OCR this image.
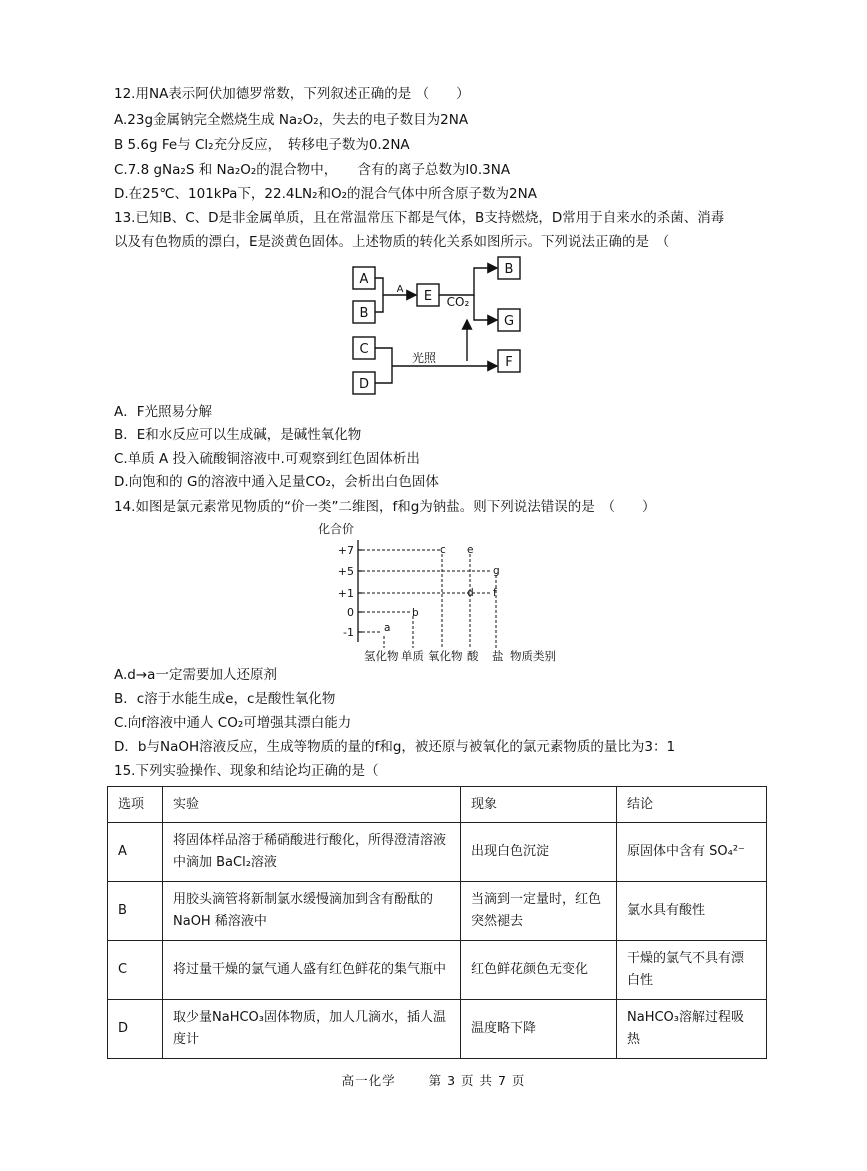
12.用NA表示阿伏加德罗常数，下列叙述正确的是 （　　）
A.23g金属钠完全燃烧生成 Na₂O₂，失去的电子数目为2NA
B 5.6g Fe与 Cl₂充分反应，　转移电子数为0.2NA
C.7.8 gNa₂S 和 Na₂O₂的混合物中，　　含有的离子总数为l0.3NA
D.在25℃、101kPa下，22.4LN₂和O₂的混合气体中所含原子数为2NA
13.已知B、C、D是非金属单质，且在常温常压下都是气体，B支持燃烧，D常用于自来水的杀菌、消毒
以及有色物质的漂白，E是淡黄色固体。上述物质的转化关系如图所示。下列说法正确的是　（
A
B
E
B
C
G
D
F
A
CO₂
光照
A．F光照易分解
B．E和水反应可以生成碱，是碱性氧化物
C.单质 A 投入硫酸铜溶液中.可观察到红色固体析出
D.向饱和的 G的溶液中通入足量CO₂，会析出白色固体
14.如图是氯元素常见物质的“价一类”二维图，f和g为钠盐。则下列说法错误的是　（　　）
化合价
+7
+5
+1
0
-1	a
b
c e
g
d f
氢化物 单质 氧化物 酸 盐 物质类别
A.d→a一定需要加人还原剂
B．c溶于水能生成e，c是酸性氧化物
C.向f溶液中通人 CO₂可增强其漂白能力
D．b与NaOH溶液反应，生成等物质的量的f和g，被还原与被氧化的氯元素物质的量比为3：1
15.下列实验操作、现象和结论均正确的是（
选项	实验	现象	结论
A	将固体样品溶于稀硝酸进行酸化，所得澄清溶液中滴加 BaCl₂溶液	出现白色沉淀	原固体中含有 SO₄²⁻
B	用胶头滴管将新制氯水缓慢滴加到含有酚酞的 NaOH 稀溶液中	当滴到一定量时，红色突然褪去	氯水具有酸性
C	将过量干燥的氯气通人盛有红色鲜花的集气瓶中	红色鲜花颜色无变化	干燥的氯气不具有漂白性
D	取少量NaHCO₃固体物质，加人几滴水，插人温度计	温度略下降	NaHCO₃溶解过程吸热
高一化学	第 3 页 共 7 页
